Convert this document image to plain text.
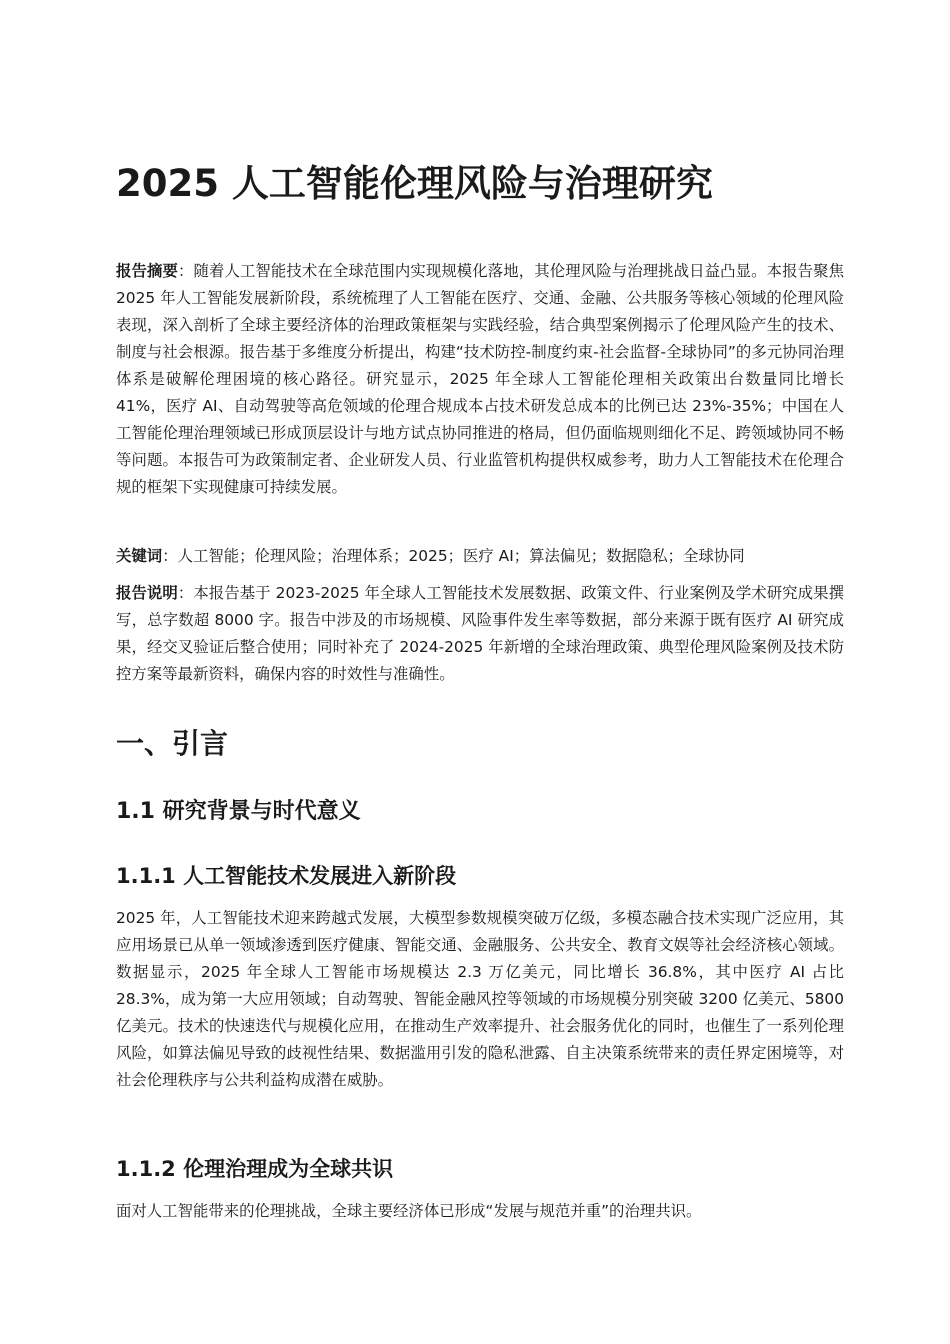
2025 人工智能伦理风险与治理研究

报告摘要：随着人工智能技术在全球范围内实现规模化落地，其伦理风险与治理挑战日益凸显。本报告聚焦 2025 年人工智能发展新阶段，系统梳理了人工智能在医疗、交通、金融、公共服务等核心领域的伦理风险表现，深入剖析了全球主要经济体的治理政策框架与实践经验，结合典型案例揭示了伦理风险产生的技术、制度与社会根源。报告基于多维度分析提出，构建“技术防控-制度约束-社会监督-全球协同”的多元协同治理体系是破解伦理困境的核心路径。研究显示，2025 年全球人工智能伦理相关政策出台数量同比增长 41%，医疗 AI、自动驾驶等高危领域的伦理合规成本占技术研发总成本的比例已达 23%-35%；中国在人工智能伦理治理领域已形成顶层设计与地方试点协同推进的格局，但仍面临规则细化不足、跨领域协同不畅等问题。本报告可为政策制定者、企业研发人员、行业监管机构提供权威参考，助力人工智能技术在伦理合规的框架下实现健康可持续发展。

关键词：人工智能；伦理风险；治理体系；2025；医疗 AI；算法偏见；数据隐私；全球协同

报告说明：本报告基于 2023-2025 年全球人工智能技术发展数据、政策文件、行业案例及学术研究成果撰写，总字数超 8000 字。报告中涉及的市场规模、风险事件发生率等数据，部分来源于既有医疗 AI 研究成果，经交叉验证后整合使用；同时补充了 2024-2025 年新增的全球治理政策、典型伦理风险案例及技术防控方案等最新资料，确保内容的时效性与准确性。

一、引言
1.1 研究背景与时代意义
1.1.1 人工智能技术发展进入新阶段

2025 年，人工智能技术迎来跨越式发展，大模型参数规模突破万亿级，多模态融合技术实现广泛应用，其应用场景已从单一领域渗透到医疗健康、智能交通、金融服务、公共安全、教育文娱等社会经济核心领域。数据显示，2025 年全球人工智能市场规模达 2.3 万亿美元，同比增长 36.8%，其中医疗 AI 占比 28.3%，成为第一大应用领域；自动驾驶、智能金融风控等领域的市场规模分别突破 3200 亿美元、5800 亿美元。技术的快速迭代与规模化应用，在推动生产效率提升、社会服务优化的同时，也催生了一系列伦理风险，如算法偏见导致的歧视性结果、数据滥用引发的隐私泄露、自主决策系统带来的责任界定困境等，对社会伦理秩序与公共利益构成潜在威胁。

1.1.2 伦理治理成为全球共识

面对人工智能带来的伦理挑战，全球主要经济体已形成“发展与规范并重”的治理共识。
